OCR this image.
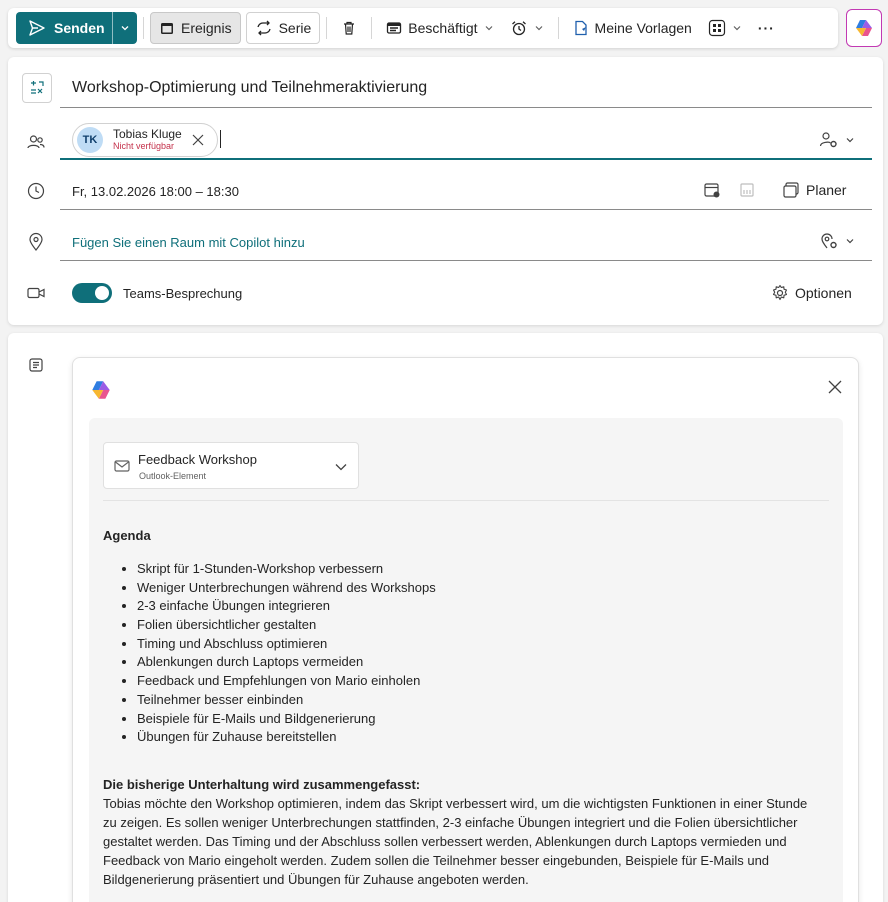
Senden	Ereignis	Serie	Beschäftigt	Meine Vorlagen	···
Workshop-Optimierung und Teilnehmeraktivierung
TK	Tobias Kluge
Nicht verfügbar
Fr, 13.02.2026 18:00 – 18:30	Planer
Fügen Sie einen Raum mit Copilot hinzu
Teams-Besprechung	Optionen
Feedback Workshop
Outlook-Element
Agenda
• Skript für 1-Stunden-Workshop verbessern
• Weniger Unterbrechungen während des Workshops
• 2-3 einfache Übungen integrieren
• Folien übersichtlicher gestalten
• Timing und Abschluss optimieren
• Ablenkungen durch Laptops vermeiden
• Feedback und Empfehlungen von Mario einholen
• Teilnehmer besser einbinden
• Beispiele für E-Mails und Bildgenerierung
• Übungen für Zuhause bereitstellen
Die bisherige Unterhaltung wird zusammengefasst:
Tobias möchte den Workshop optimieren, indem das Skript verbessert wird, um die wichtigsten Funktionen in einer Stunde zu zeigen. Es sollen weniger Unterbrechungen stattfinden, 2-3 einfache Übungen integriert und die Folien übersichtlicher gestaltet werden. Das Timing und der Abschluss sollen verbessert werden, Ablenkungen durch Laptops vermieden und Feedback von Mario eingeholt werden. Zudem sollen die Teilnehmer besser eingebunden, Beispiele für E-Mails und Bildgenerierung präsentiert und Übungen für Zuhause angeboten werden.
